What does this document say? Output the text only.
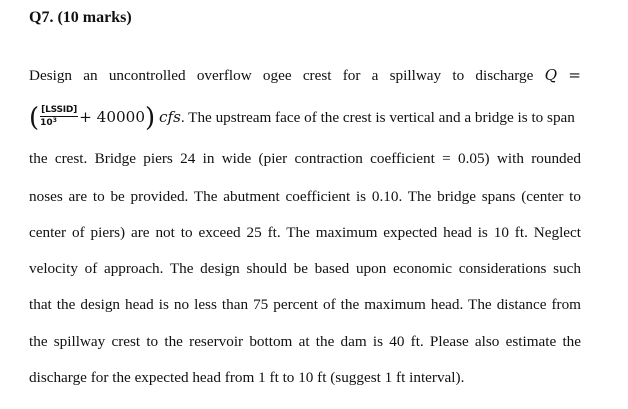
Q7. (10 marks)
Design an uncontrolled overflow ogee crest for a spillway to discharge Q =
( $\frac{\text{[LSSID]}}{10^3} + 40000$) cfs. The upstream face of the crest is vertical and a bridge is to span
the crest. Bridge piers 24 in wide (pier contraction coefficient = 0.05) with rounded
noses are to be provided. The abutment coefficient is 0.10. The bridge spans (center to
center of piers) are not to exceed 25 ft. The maximum expected head is 10 ft. Neglect
velocity of approach. The design should be based upon economic considerations such
that the design head is no less than 75 percent of the maximum head. The distance from
the spillway crest to the reservoir bottom at the dam is 40 ft. Please also estimate the
discharge for the expected head from 1 ft to 10 ft (suggest 1 ft interval).
